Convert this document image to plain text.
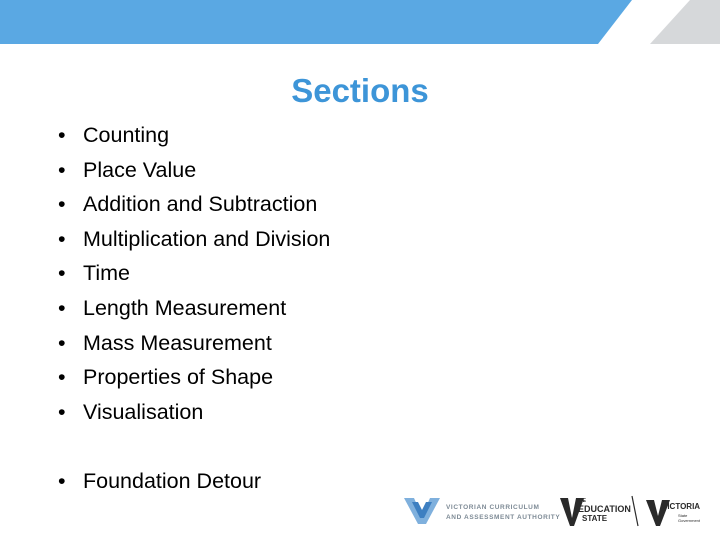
Sections
• Counting
• Place Value
• Addition and Subtraction
• Multiplication and Division
• Time
• Length Measurement
• Mass Measurement
• Properties of Shape
• Visualisation
• Foundation Detour
VICTORIAN CURRICULUM
AND ASSESSMENT AUTHORITY
THE
EDUCATION
STATE
VICTORIA
State
Government
